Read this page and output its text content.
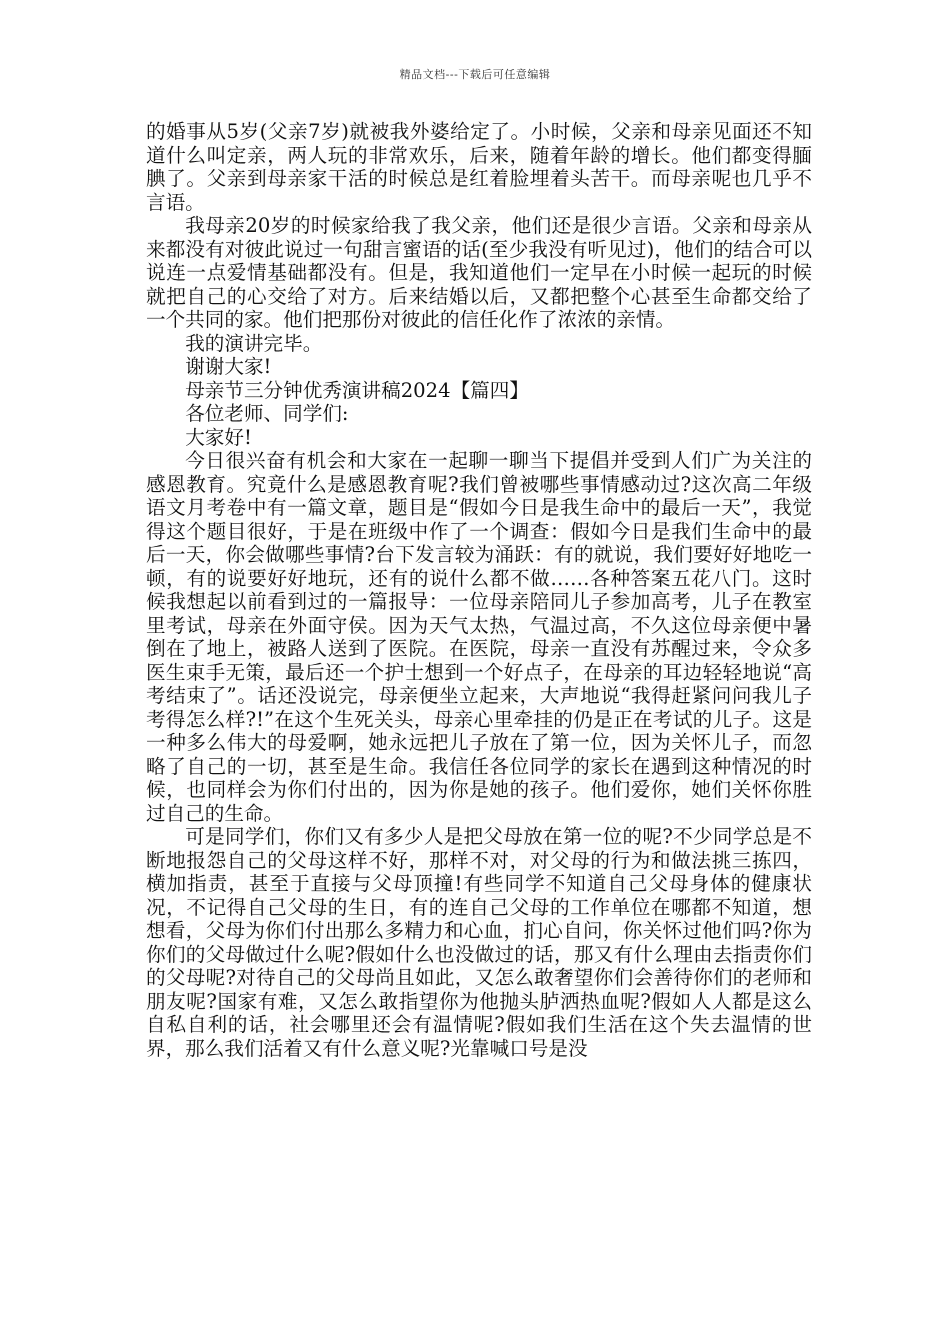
精品文档---下载后可任意编辑

的婚事从5岁(父亲7岁)就被我外婆给定了。小时候，父亲和母亲见面还不知道什么叫定亲，两人玩的非常欢乐，后来，随着年龄的增长。他们都变得腼腆了。父亲到母亲家干活的时候总是红着脸埋着头苦干。而母亲呢也几乎不言语。

我母亲20岁的时候家给我了我父亲，他们还是很少言语。父亲和母亲从来都没有对彼此说过一句甜言蜜语的话(至少我没有听见过)，他们的结合可以说连一点爱情基础都没有。但是，我知道他们一定早在小时候一起玩的时候就把自己的心交给了对方。后来结婚以后，又都把整个心甚至生命都交给了一个共同的家。他们把那份对彼此的信任化作了浓浓的亲情。

我的演讲完毕。

谢谢大家!

母亲节三分钟优秀演讲稿2024【篇四】

各位老师、同学们:

大家好!

今日很兴奋有机会和大家在一起聊一聊当下提倡并受到人们广为关注的感恩教育。究竟什么是感恩教育呢?我们曾被哪些事情感动过?这次高二年级语文月考卷中有一篇文章，题目是“假如今日是我生命中的最后一天”，我觉得这个题目很好，于是在班级中作了一个调查：假如今日是我们生命中的最后一天，你会做哪些事情?台下发言较为涌跃：有的就说，我们要好好地吃一顿，有的说要好好地玩，还有的说什么都不做……各种答案五花八门。这时候我想起以前看到过的一篇报导：一位母亲陪同儿子参加高考，儿子在教室里考试，母亲在外面守侯。因为天气太热，气温过高，不久这位母亲便中暑倒在了地上，被路人送到了医院。在医院，母亲一直没有苏醒过来，令众多医生束手无策，最后还一个护士想到一个好点子，在母亲的耳边轻轻地说“高考结束了”。话还没说完，母亲便坐立起来，大声地说“我得赶紧问问我儿子考得怎么样?!”在这个生死关头，母亲心里牵挂的仍是正在考试的儿子。这是一种多么伟大的母爱啊，她永远把儿子放在了第一位，因为关怀儿子，而忽略了自己的一切，甚至是生命。我信任各位同学的家长在遇到这种情况的时候，也同样会为你们付出的，因为你是她的孩子。他们爱你，她们关怀你胜过自己的生命。

可是同学们，你们又有多少人是把父母放在第一位的呢?不少同学总是不断地报怨自己的父母这样不好，那样不对，对父母的行为和做法挑三拣四，横加指责，甚至于直接与父母顶撞!有些同学不知道自己父母身体的健康状况，不记得自己父母的生日，有的连自己父母的工作单位在哪都不知道，想想看，父母为你们付出那么多精力和心血，扪心自问，你关怀过他们吗?你为你们的父母做过什么呢?假如什么也没做过的话，那又有什么理由去指责你们的父母呢?对待自己的父母尚且如此，又怎么敢奢望你们会善待你们的老师和朋友呢?国家有难，又怎么敢指望你为他抛头胪洒热血呢?假如人人都是这么自私自利的话，社会哪里还会有温情呢?假如我们生活在这个失去温情的世界，那么我们活着又有什么意义呢?光靠喊口号是没
